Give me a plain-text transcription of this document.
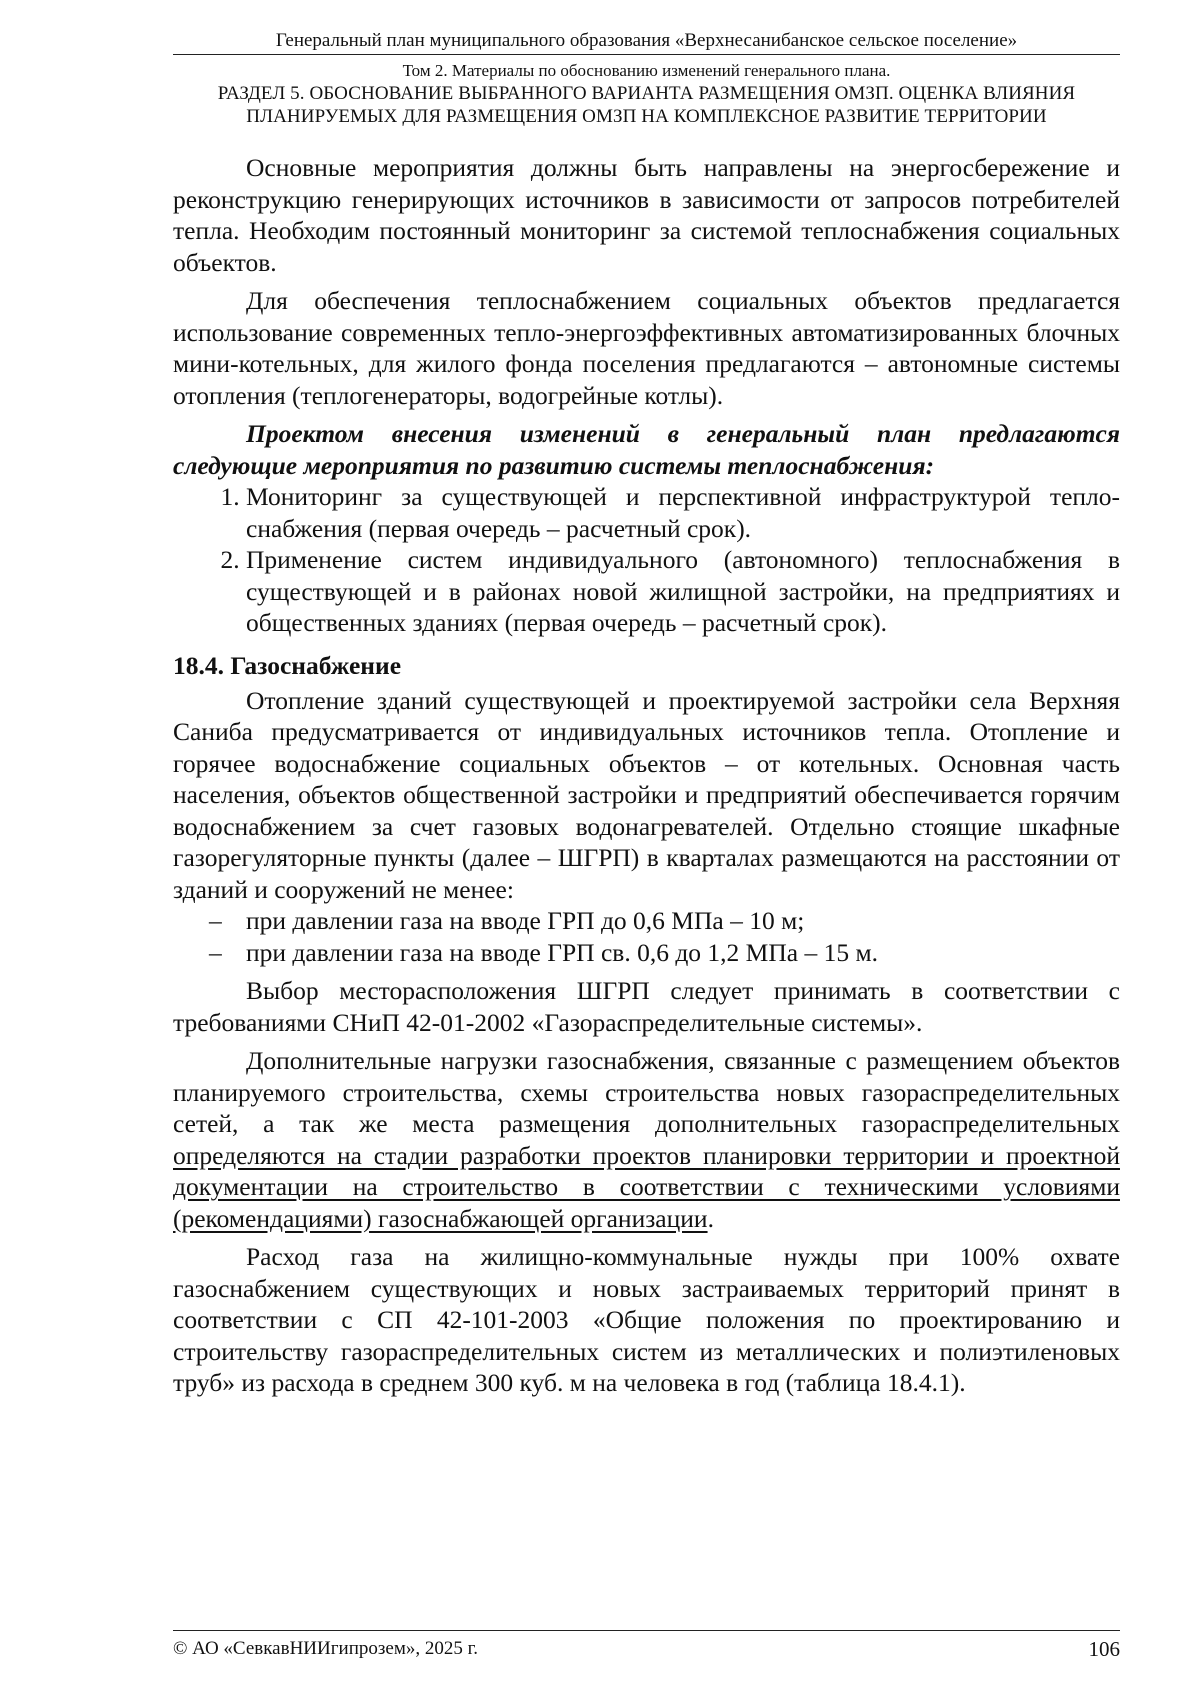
Генеральный план муниципального образования «Верхнесанибанское сельское поселение»
Том 2. Материалы по обоснованию изменений генерального плана.
РАЗДЕЛ 5. ОБОСНОВАНИЕ ВЫБРАННОГО ВАРИАНТА РАЗМЕЩЕНИЯ ОМЗП. ОЦЕНКА ВЛИЯНИЯ ПЛАНИРУЕМЫХ ДЛЯ РАЗМЕЩЕНИЯ ОМЗП НА КОМПЛЕКСНОЕ РАЗВИТИЕ ТЕРРИТОРИИ

Основные мероприятия должны быть направлены на энергосбережение и реконструкцию генерирующих источников в зависимости от запросов потребителей тепла. Необходим постоянный мониторинг за системой теплоснабжения социальных объектов.

Для обеспечения теплоснабжением социальных объектов предлагается использование современных тепло-энергоэффективных автоматизированных блочных мини-котельных, для жилого фонда поселения предлагаются – автономные системы отопления (теплогенераторы, водогрейные котлы).

Проектом внесения изменений в генеральный план предлагаются следующие мероприятия по развитию системы теплоснабжения:

1. Мониторинг за существующей и перспективной инфраструктурой тепло-снабжения (первая очередь – расчетный срок).
2. Применение систем индивидуального (автономного) теплоснабжения в существующей и в районах новой жилищной застройки, на предприятиях и общественных зданиях (первая очередь – расчетный срок).
18.4. Газоснабжение

Отопление зданий существующей и проектируемой застройки села Верхняя Саниба предусматривается от индивидуальных источников тепла. Отопление и горячее водоснабжение социальных объектов – от котельных. Основная часть населения, объектов общественной застройки и предприятий обеспечивается горячим водоснабжением за счет газовых водонагревателей. Отдельно стоящие шкафные газорегуляторные пункты (далее – ШГРП) в кварталах размещаются на расстоянии от зданий и сооружений не менее:

– при давлении газа на вводе ГРП до 0,6 МПа – 10 м;
– при давлении газа на вводе ГРП св. 0,6 до 1,2 МПа – 15 м.

Выбор месторасположения ШГРП следует принимать в соответствии с требованиями СНиП 42-01-2002 «Газораспределительные системы».

Дополнительные нагрузки газоснабжения, связанные с размещением объектов планируемого строительства, схемы строительства новых газораспределительных сетей, а так же места размещения дополнительных газораспределительных определяются на стадии разработки проектов планировки территории и проектной документации на строительство в соответствии с техническими условиями (рекомендациями) газоснабжающей организации.

Расход газа на жилищно-коммунальные нужды при 100% охвате газоснабжением существующих и новых застраиваемых территорий принят в соответствии с СП 42-101-2003 «Общие положения по проектированию и строительству газораспределительных систем из металлических и полиэтиленовых труб» из расхода в среднем 300 куб. м на человека в год (таблица 18.4.1).

© АО «СевкавНИИгипрозем», 2025 г.	106
